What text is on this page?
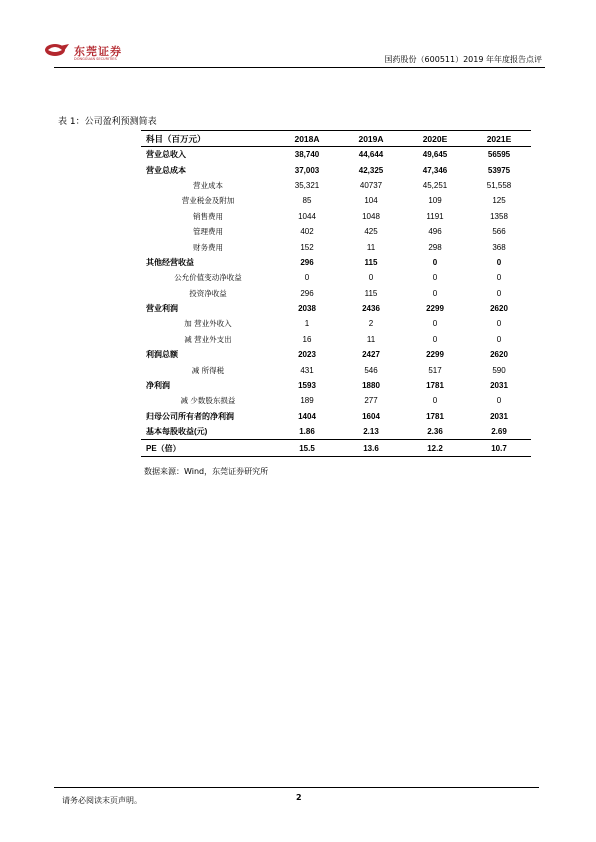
东莞证券
DONGGUAN SECURITIES	国药股份（600511）2019 年年度报告点评
表 1：公司盈利预测简表
科目（百万元）	2018A	2019A	2020E	2021E
营业总收入	38,740	44,644	49,645	56595
营业总成本	37,003	42,325	47,346	53975
营业成本	35,321	40737	45,251	51,558
营业税金及附加	85	104	109	125
销售费用	1044	1048	1191	1358
管理费用	402	425	496	566
财务费用	152	11	298	368
其他经营收益	296	115	0	0
公允价值变动净收益	0	0	0	0
投资净收益	296	115	0	0
营业利润	2038	2436	2299	2620
加 营业外收入	1	2	0	0
减 营业外支出	16	11	0	0
利润总额	2023	2427	2299	2620
减 所得税	431	546	517	590
净利润	1593	1880	1781	2031
减 少数股东损益	189	277	0	0
归母公司所有者的净利润	1404	1604	1781	2031
基本每股收益(元)	1.86	2.13	2.36	2.69
PE（倍）	15.5	13.6	12.2	10.7
数据来源：Wind，东莞证券研究所
请务必阅读末页声明。	2
